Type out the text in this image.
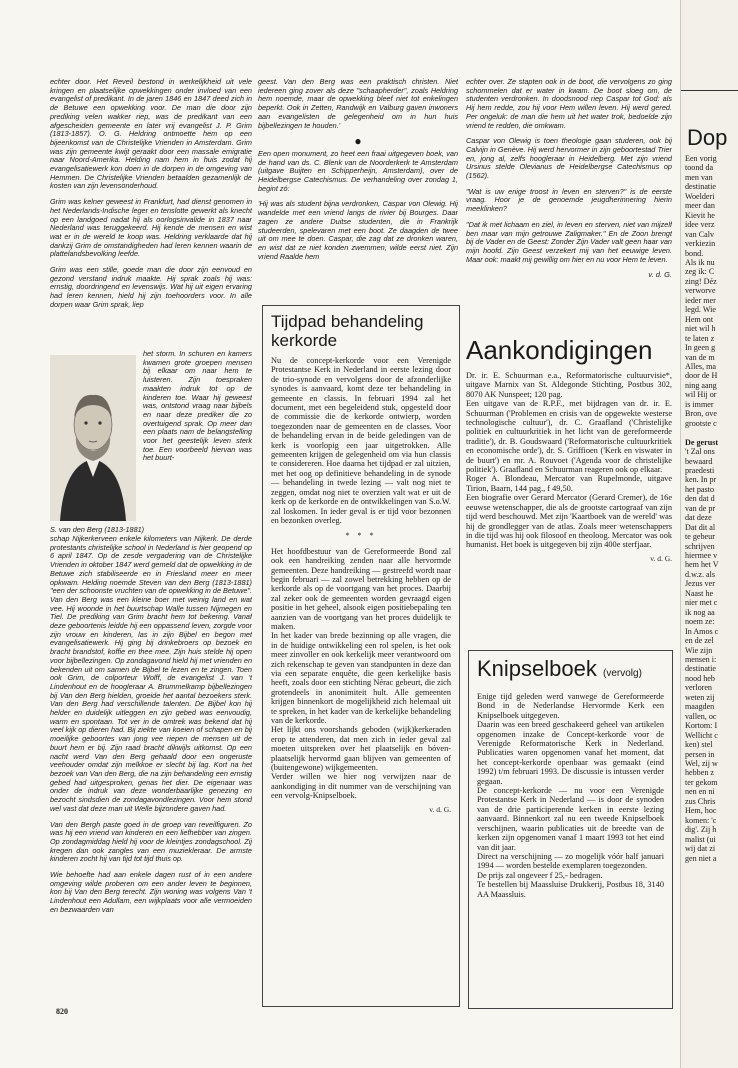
echter door. Het Reveil bestond in werkelijkheid uit vele kringen en plaatselijke opwekkingen onder invloed van een evangelist of predikant. In de jaren 1846 en 1847 deed zich in de Betuwe een opwekking voor. De man die door zijn prediking velen wakker riep, was de predikant van een afgescheiden gemeente en later vrij evangelist J. P. Grim (1813-1857). O. G. Heldring ontmoette hem op een bijeenkomst van de Christelijke Vrienden in Amsterdam. Grim was zijn gemeente kwijt geraakt door een massale emigratie naar Noord-Amerika. Helding nam hem in huis zodat hij evangelisatiewerk kon doen in de dorpen in de omgeving van Hemmen. De Christelijke Vrienden betaalden gezamenlijk de kosten van zijn levensonderhoud.

Grim was kelner geweest in Frankfurt, had dienst genomen in het Nederlands-Indische leger en tenslotte gewerkt als knecht op een landgoed nadat hij als oorlogsinvalide in 1837 naar Nederland was teruggekeerd. Hij kende de mensen en wist wat er in de wereld te koop was. Heldring verklaarde dat hij dankzij Grim de omstandigheden had leren kennen waarin de plattelandsbevolking leefde.

Grim was een stille, goede man die door zijn eenvoud en gezond verstand indruk maakte. Hij sprak zoals hij was: ernstig, doordringend en levenswijs. Wat hij uit eigen ervaring had leren kennen, hield hij zijn toehoorders voor. In alle dorpen waar Grim sprak, liep

S. van den Berg (1813-1881)

het storm. In schuren en kamers kwamen grote groepen mensen bij elkaar om naar hem te luisteren. Zijn toespraken maakten indruk tot op de kinderen toe. Waar hij geweest was, ontstond vraag naar bijbels en naar deze prediker die zo overtuigend sprak. Op meer dan een plaats nam de belangstelling voor het geestelijk leven sterk toe. Een voorbeeld hiervan was het buurt-

schap Nijkerkerveen enkele kilometers van Nijkerk. De derde protestants christelijke school in Nederland is hier geopend op 6 april 1847. Op de zesde vergadering van de Christelijke Vrienden in oktober 1847 werd gemeld dat de opwekking in de Betuwe zich stabiliseerde en in Friesland meer en meer opkwam. Helding noemde Steven van den Berg (1813-1881) "een der schoonste vruchten van de opwekking in de Betuwe". Van den Berg was een kleine boer met weinig land en wat vee. Hij woonde in het buurtschap Walle tussen Nijmegen en Tiel. De prediking van Grim bracht hem tot bekering. Vanaf deze geboortenis leidde hij een oppassend leven, zorgde voor zijn vrouw en kinderen, las in zijn Bijbel en begon met evangelisatiewerk. Hij ging bij drinkebroers op bezoek en bracht brandstof, koffie en thee mee. Zijn huis stelde hij open voor bijbellezingen. Op zondagavond hield hij met vrienden en bekenden uit om samen de Bijbel te lezen en te zingen. Toen ook Grim, de colporteur Wolff, de evangelist J. van 't Lindenhout en de hoogleraar A. Brummelkamp bijbellezingen bij Van den Berg hielden, groeide het aantal bezoekers sterk. Van den Berg had verschillende talenten. De Bijbel kon hij helder en duidelijk uitleggen en zijn gebed was eenvoudig, warm en spontaan. Tot ver in de omtrek was bekend dat hij veel kijk op dieren had. Bij ziekte van koeien of schapen en bij moeilijke geboortes van jong vee riepen de mensen uit de buurt hem er bij. Zijn raad bracht dikwijls uitkomst. Op een nacht werd Van den Berg gehaald door een ongeruste veehouder omdat zijn melkkoe er slecht bij lag. Kort na het bezoek van Van den Berg, die na zijn behandeling een ernstig gebed had uitgesproken, genas het dier. De eigenaar was onder de indruk van deze wonderbaarlijke genezing en bezocht sindsdien de zondagavondlezingen. Voor hem stond wel vast dat deze man uit Welle bijzondere gaven had.

Van den Bergh paste goed in de groep van reveilfiguren. Zo was hij een vriend van kinderen en een liefhebber van zingen. Op zondagmiddag hield hij voor de kleintjes zondagschool. Zij kregen dan ook zangles van een muziekleraar. De armste kinderen zocht hij van tijd tot tijd thuis op.

Wie behoefte had aan enkele dagen rust of in een andere omgeving wilde proberen om een ander leven te beginnen, kon bij Van den Berg terecht. Zijn woning was volgens Van 't Lindenhout een Adullam, een wijkplaats voor alle vermoeiden en bezwaarden van

geest. Van den Berg was een praktisch christen. Niet iedereen ging zover als deze "schaapherder", zoals Heldring hem noemde, maar de opwekking bleef niet tot enkelingen beperkt. Ook in Zetten, Randwijk en Valburg gaven inwoners aan evangelisten de gelegenheid om in hun huis bijbellezingen te houden.'

●

Een open monument, zo heet een fraai uitgegeven boek, van de hand van ds. C. Blenk van de Noorderkerk te Amsterdam (uitgave Buijten en Schipperheijn, Amsterdam), over de Heidelbergse Catechismus. De verhandeling over zondag 1, begint zó:

'Hij was als student bijna verdronken, Caspar von Olewig. Hij wandelde met een vriend langs de rivier bij Bourges. Daar zagen ze andere Duitse studenten, die in Frankrijk studeerden, spelevaren met een boot. Ze daagden de twee uit om mee te doen. Caspar, die zag dat ze dronken waren, en wist dat ze niet konden zwemmen, wilde eerst niet. Zijn vriend Raalde hem

Tijdpad behandeling kerkorde

Nu de concept-kerkorde voor een Verenigde Protestantse Kerk in Nederland in eerste lezing door de trio-synode en vervolgens door de afzonderlijke synodes is aanvaard, komt deze ter behandeling in gemeente en classis. In februari 1994 zal het document, met een begeleidend stuk, opgesteld door de commissie die de kerkorde ontwierp, worden toegezonden naar de gemeenten en de classes. Voor de behandeling ervan in de beide geledingen van de kerk is voorlopig een jaar uitgetrokken. Alle gemeenten krijgen de gelegenheid om via hun classis te considereren. Hoe daarna het tijdpad er zal uitzien, met het oog op definitieve behandeling in de synode — behandeling in twede lezing — valt nog niet te zeggen, omdat nog niet te overzien valt wat er uit de kerk op de kerkorde en de ontwikkelingen van S.o.W. zal loskomen. In ieder geval is er tijd voor bezonnen en bezonken overleg.

* * *

Het hoofdbestuur van de Gereformeerde Bond zal ook een handreiking zenden naar alle hervormde gemeenten. Deze handreiking — gestreefd wordt naar begin februari — zal zowel betrekking hebben op de kerkorde als op de voortgang van het proces. Daarbij zal zeker ook de gemeenten worden gevraagd eigen positie in het geheel, alsook eigen positiebepaling ten aanzien van de voortgang van het proces duidelijk te maken.

In het kader van brede bezinning op alle vragen, die in de huidige ontwikkeling een rol spelen, is het ook meer zinvoller en ook kerkelijk meer verantwoord om zich rekenschap te geven van standpunten in deze dan via een separate enquête, die geen kerkelijke basis heeft, zoals door een stichting Nérac gebeurt, die zich grotendeels in anonimiteit hult. Alle gemeenten krijgen binnenkort de mogelijkheid zich helemaal uit te spreken, in het kader van de kerkelijke behandeling van de kerkorde.

Het lijkt ons voorshands geboden (wijk)kerkeraden erop te attenderen, dat men zich in ieder geval zal moeten uitspreken over het plaatselijk en bóven-plaatselijk hervormd gaan blijven van gemeenten of (buitengewone) wijkgemeenten.

Verder willen we hier nog verwijzen naar de aankondiging in dit nummer van de verschijning van een vervolg-Knipselboek.

v. d. G.

echter over. Ze stapten ook in de boot, die vervolgens zo ging schommelen dat er water in kwam. De boot sloeg om, de studenten verdronken. In doodsnood riep Caspar tot God: als Hij hem redde, zou hij voor Hem willen leven. Hij werd gered. Per ongeluk: de man die hem uit het water trok, bedoelde zijn vriend te redden, die omkwam.

Caspar von Olewig is toen theologie gaan studeren, ook bij Calvijn in Genève. Hij werd hervormer in zijn geboortestad Trier en, jong al, zelfs hoogleraar in Heidelberg. Met zijn vriend Ursinus stelde Olevianus de Heidelbergse Catechismus op (1562).

"Wat is uw enige troost in leven en sterven?" is de eerste vraag. Hoor je de genoemde jeugdherinnering hierin meeklinken?

"Dat ik met lichaam en ziel, in leven en sterven, niet van mijzelf ben maar van mijn getrouwe Zaligmaker." En de Zoon brengt bij de Vader en de Geest: Zonder Zijn Vader valt geen haar van mijn hoofd. Zijn Geest verzekert mij van het eeuwige leven. Maar ook: maakt mij gewillig om hier en nu voor Hem te leven.

v. d. G.
Aankondigingen

Dr. ir. E. Schuurman e.a., Reformatorische cultuurvisie*, uitgave Marnix van St. Aldegonde Stichting, Postbus 302, 8070 AK Nunspeet; 120 pag.

Een uitgave van de R.P.F., met bijdragen van dr. ir. E. Schuurman ('Problemen en crisis van de opgewekte westerse technologische cultuur'), dr. C. Graafland ('Christelijke politiek en cultuurkritiek in het licht van de gereformeerde traditie'), dr. B. Goudswaard ('Reformatorische cultuurkritiek en economische orde'), dr. S. Griffioen ('Kerk en viswater in de buurt') en mr. A. Rouvoet ('Agenda voor de christelijke politiek'). Graafland en Schuurman reageren ook op elkaar.

Roger A. Blondeau, Mercator van Rupelmonde, uitgave Tirion, Baarn, 144 pag., f 49,50.

Een biografie over Gerard Mercator (Gerard Cremer), de 16e eeuwse wetenschapper, die als de grootste cartograaf van zijn tijd werd beschouwd. Met zijn 'Kaartboek van de wereld' was hij de grondlegger van de atlas. Zoals meer wetenschappers in die tijd was hij ook filosoof en theoloog. Mercator was ook humanist. Het boek is uitgegeven bij zijn 400e sterfjaar.

v. d. G.
Knipselboek (vervolg)

Enige tijd geleden werd vanwege de Gereformeerde Bond in de Nederlandse Hervormde Kerk een Knipselboek uitgegeven.

Daarin was een breed geschakeerd geheel van artikelen opgenomen inzake de Concept-kerkorde voor de Verenigde Reformatorische Kerk in Nederland. Publicaties waren opgenomen vanaf het moment, dat het concept-kerkorde openbaar was gemaakt (eind 1992) t/m februari 1993. De discussie is intussen verder gegaan.

De concept-kerkorde — nu voor een Verenigde Protestantse Kerk in Nederland — is door de synoden van de drie participerende kerken in eerste lezing aanvaard. Binnenkort zal nu een tweede Knipselboek verschijnen, waarin publicaties uit de breedte van de kerken zijn opgenomen vanaf 1 maart 1993 tot het eind van dit jaar.

Direct na verschijning — zo mogelijk vóór half januari 1994 — worden bestelde exemplaren toegezonden.

De prijs zal ongeveer f 25,- bedragen.

Te bestellen bij Maassluise Drukkerij, Postbus 18, 3140 AA Maassluis.

820
Dop
Een vorig
toond da
men van
destinatie
Woelderi
meer dan
Kievit he
idee verz
van Calv
verkiezin
bond.
Als ik nu
zeg ik: C
zing! Déz
verworve
ieder mer
legd. Wie
Hem ont
niet wil h
te laten z
In geen g
van de m
Alles, ma
door de H
ning aang
wil Hij or
is immer
Bron, ove
grootste c

De gerust
't Zal ons
bewaard
praedesti
ken. In pr
het pasto
den dat d
van de pr
dat deze
Dat dit al
te gebeur
schrijven
hiermee v
hem het V
d.w.z. als
Jezus ver
Naast he
nier met c
ik nog aa
noem ze:
In Amos c
en de zel
Wie zijn
mensen i:
destinatie
nood heb
verloren
weten zij
maagden
vallen, oc
Kortom: I
Wellicht c
ken) stel
persen in
Wel, zij w
hebben z
ter gekom
nen en ni
zus Chris
Hem, hoc
komen: 'c
dig'. Zij h
malist (ui
wij dat zi
gen niet a
